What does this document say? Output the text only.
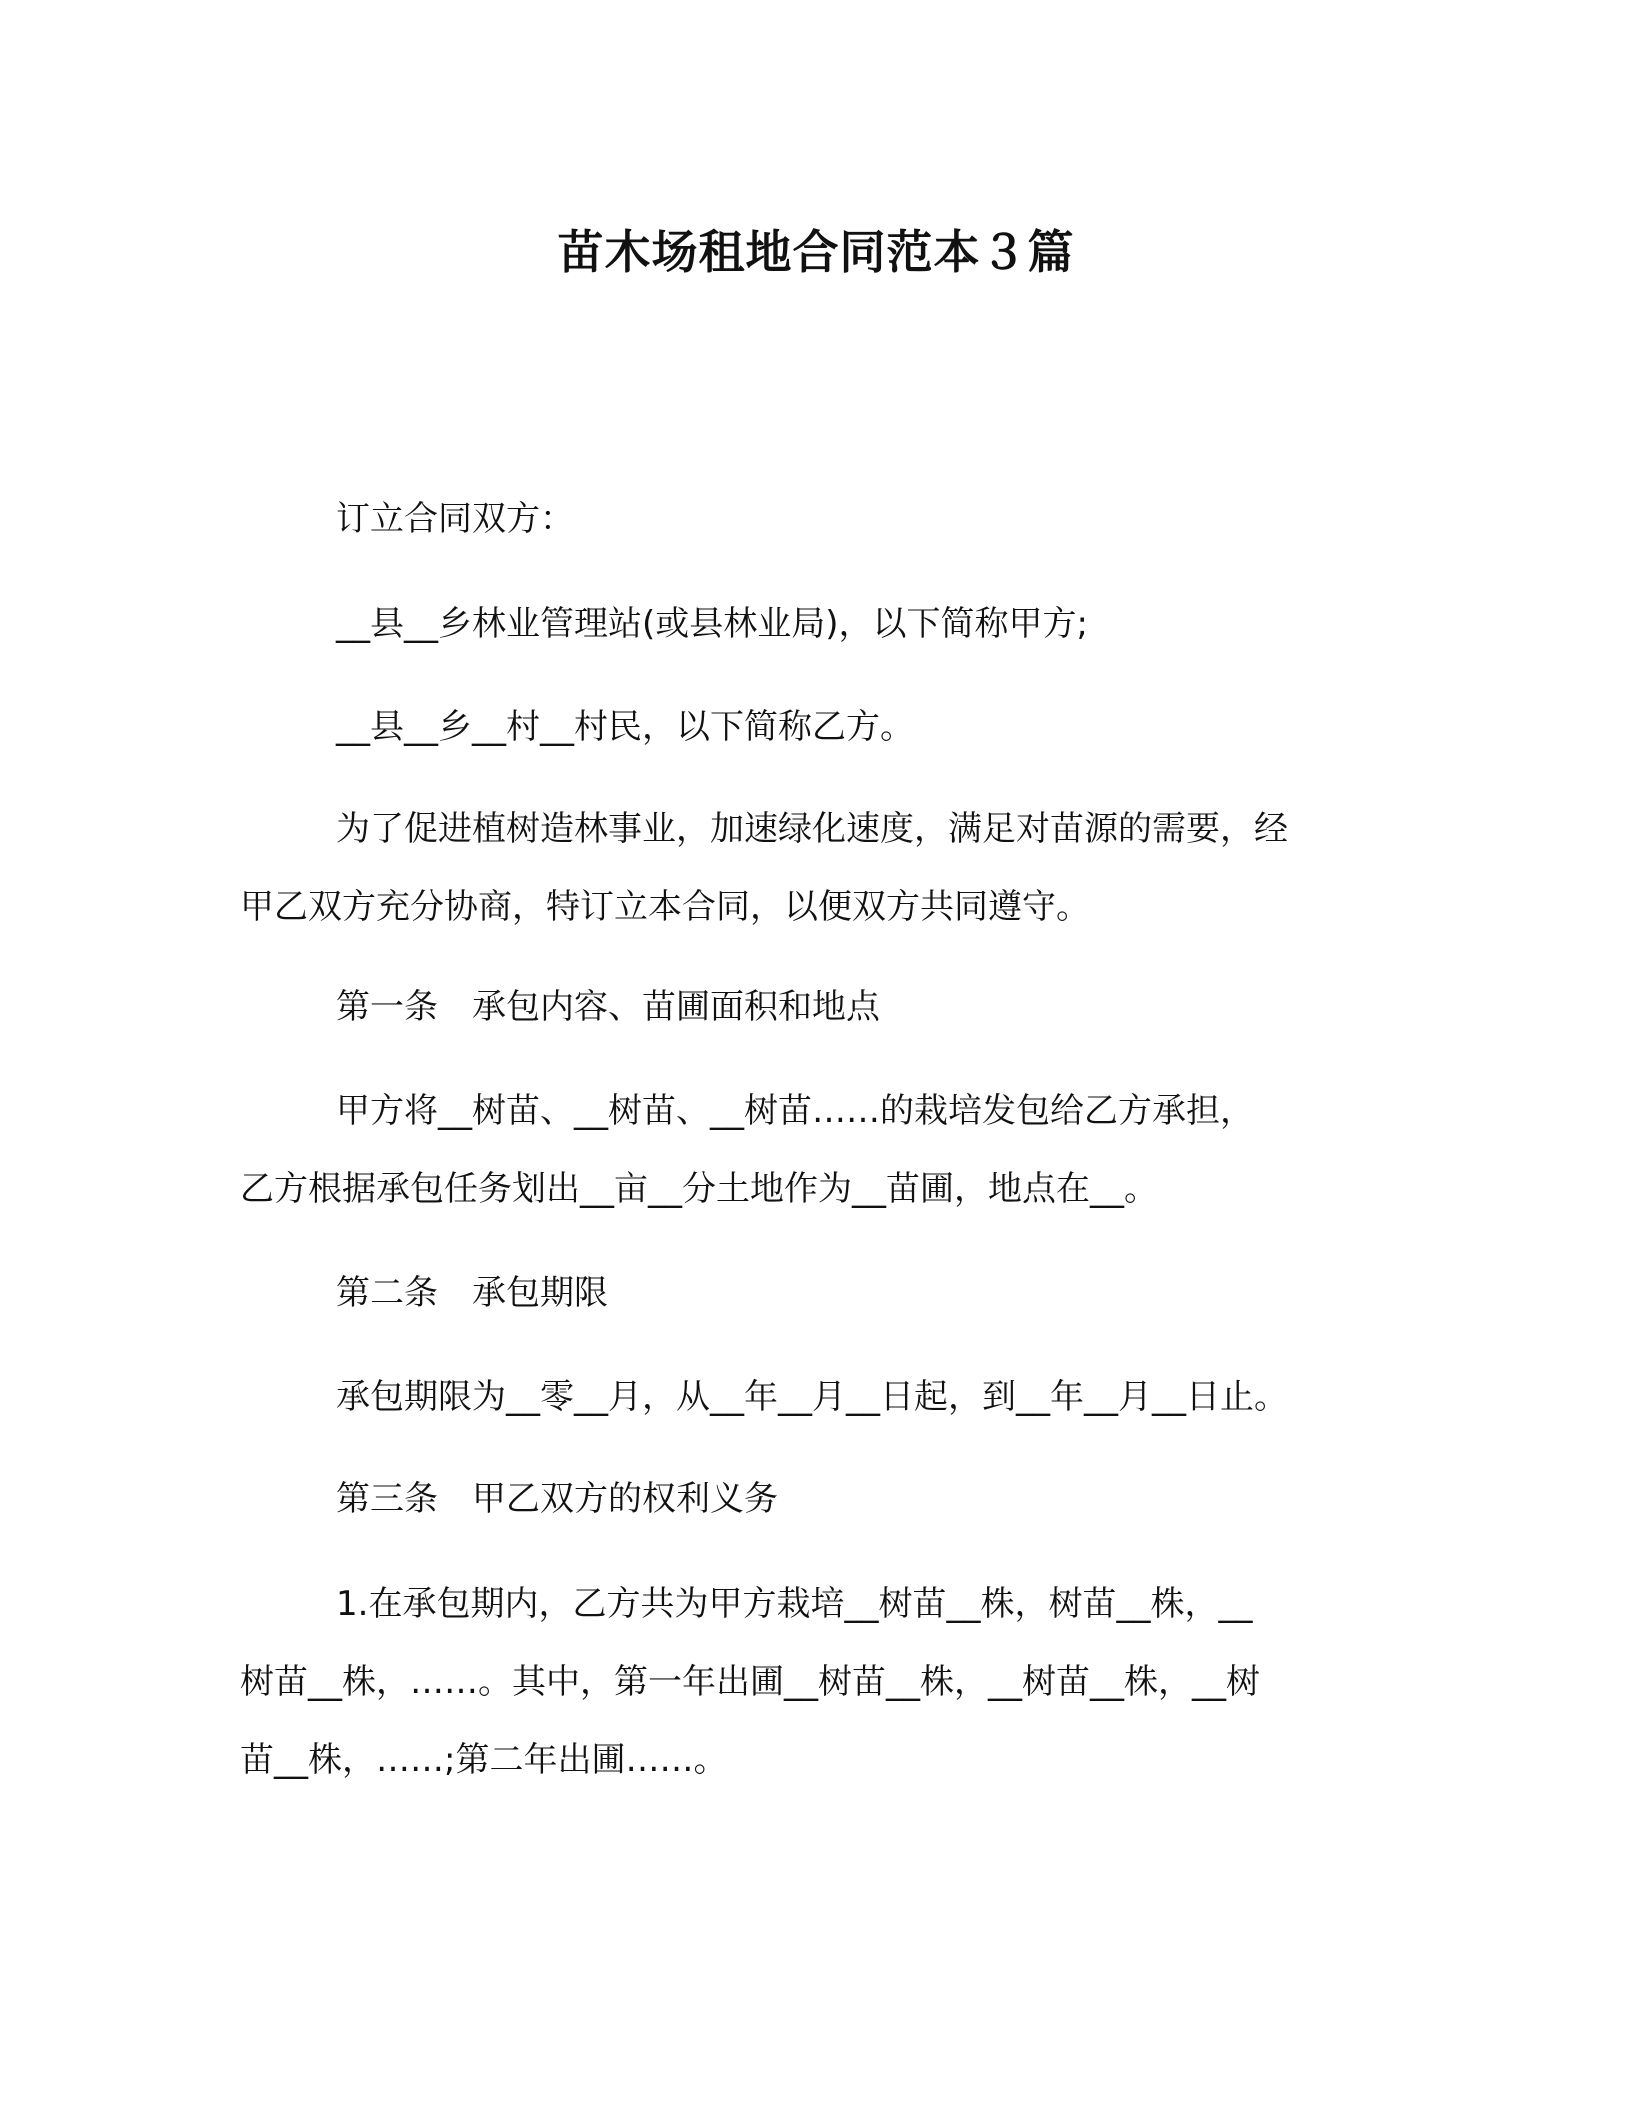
苗木场租地合同范本３篇

订立合同双方：

__县__乡林业管理站(或县林业局)，以下简称甲方;

__县__乡__村__村民，以下简称乙方。

为了促进植树造林事业，加速绿化速度，满足对苗源的需要，经
甲乙双方充分协商，特订立本合同，以便双方共同遵守。

第一条　承包内容、苗圃面积和地点

甲方将__树苗、__树苗、__树苗……的栽培发包给乙方承担，
乙方根据承包任务划出__亩__分土地作为__苗圃，地点在__。

第二条　承包期限

承包期限为__零__月，从__年__月__日起，到__年__月__日止。

第三条　甲乙双方的权利义务

1.在承包期内，乙方共为甲方栽培__树苗__株，树苗__株，__
树苗__株，……。其中，第一年出圃__树苗__株，__树苗__株，__树
苗__株，……;第二年出圃……。
